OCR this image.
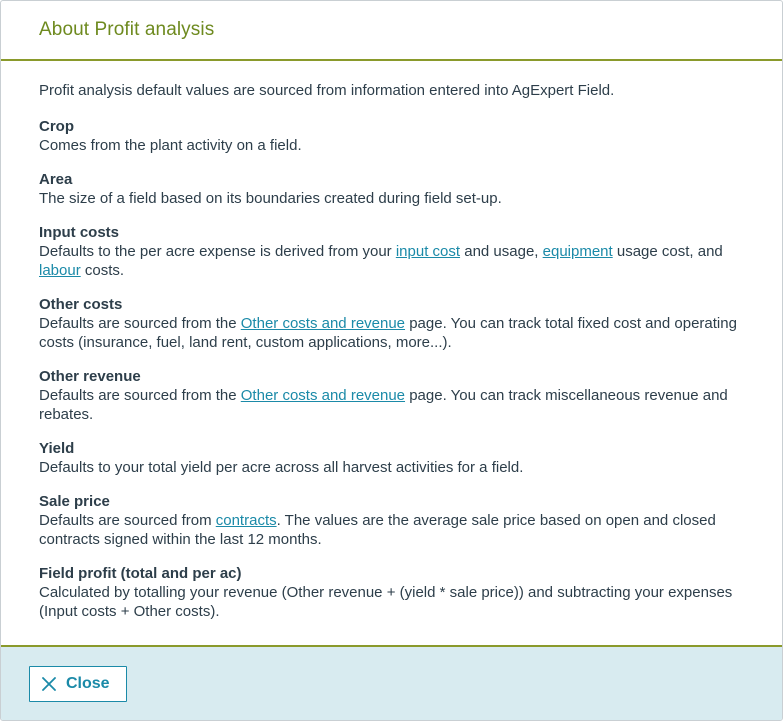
About Profit analysis

Profit analysis default values are sourced from information entered into AgExpert Field.

Crop
Comes from the plant activity on a field.
Area
The size of a field based on its boundaries created during field set-up.
Input costs
Defaults to the per acre expense is derived from your input cost and usage, equipment usage cost, and labour costs.
Other costs
Defaults are sourced from the Other costs and revenue page. You can track total fixed cost and operating costs (insurance, fuel, land rent, custom applications, more...).
Other revenue
Defaults are sourced from the Other costs and revenue page. You can track miscellaneous revenue and rebates.
Yield
Defaults to your total yield per acre across all harvest activities for a field.
Sale price
Defaults are sourced from contracts. The values are the average sale price based on open and closed contracts signed within the last 12 months.
Field profit (total and per ac)
Calculated by totalling your revenue (Other revenue + (yield * sale price)) and subtracting your expenses (Input costs + Other costs).
Close
